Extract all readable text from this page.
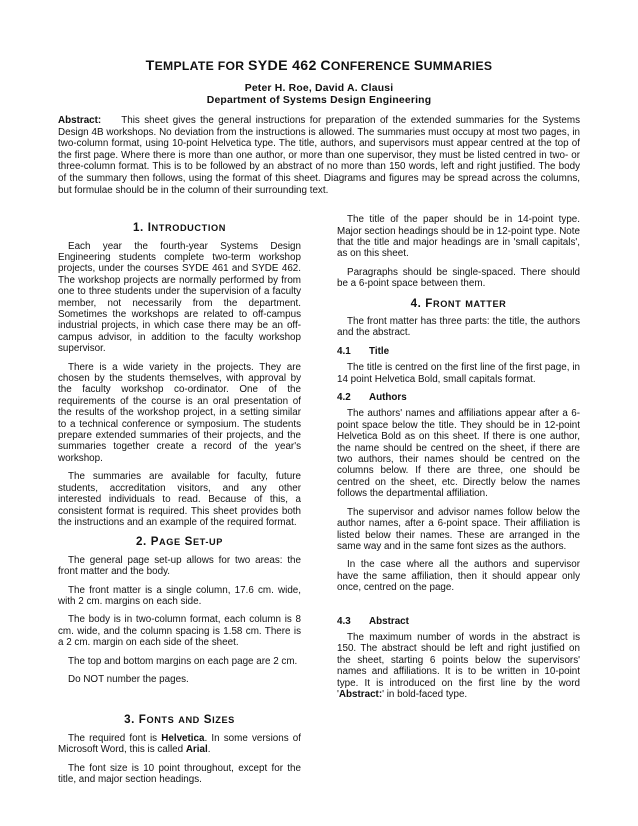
TEMPLATE FOR SYDE 462 CONFERENCE SUMMARIES
Peter H. Roe, David A. Clausi
Department of Systems Design Engineering
Abstract: This sheet gives the general instructions for preparation of the extended summaries for the Systems Design 4B workshops. No deviation from the instructions is allowed. The summaries must occupy at most two pages, in two-column format, using 10-point Helvetica type. The title, authors, and supervisors must appear centred at the top of the first page. Where there is more than one author, or more than one supervisor, they must be listed centred in two- or three-column format. This is to be followed by an abstract of no more than 150 words, left and right justified. The body of the summary then follows, using the format of this sheet. Diagrams and figures may be spread across the columns, but formulae should be in the column of their surrounding text.
1. INTRODUCTION

Each year the fourth-year Systems Design Engineering students complete two-term workshop projects, under the courses SYDE 461 and SYDE 462. The workshop projects are normally performed by from one to three students under the supervision of a faculty member, not necessarily from the department. Sometimes the workshops are related to off-campus industrial projects, in which case there may be an off-campus advisor, in addition to the faculty workshop supervisor.

There is a wide variety in the projects. They are chosen by the students themselves, with approval by the faculty workshop co-ordinator. One of the requirements of the course is an oral presentation of the results of the workshop project, in a setting similar to a technical conference or symposium. The students prepare extended summaries of their projects, and the summaries together create a record of the year's workshop.

The summaries are available for faculty, future students, accreditation visitors, and any other interested individuals to read. Because of this, a consistent format is required. This sheet provides both the instructions and an example of the required format.

2. PAGE SET-UP

The general page set-up allows for two areas: the front matter and the body.

The front matter is a single column, 17.6 cm. wide, with 2 cm. margins on each side.

The body is in two-column format, each column is 8 cm. wide, and the column spacing is 1.58 cm. There is a 2 cm. margin on each side of the sheet.

The top and bottom margins on each page are 2 cm.

Do NOT number the pages.

3. FONTS AND SIZES

The required font is Helvetica. In some versions of Microsoft Word, this is called Arial.

The font size is 10 point throughout, except for the title, and major section headings.

The title of the paper should be in 14-point type. Major section headings should be in 12-point type. Note that the title and major headings are in 'small capitals', as on this sheet.

Paragraphs should be single-spaced. There should be a 6-point space between them.

4. FRONT MATTER

The front matter has three parts: the title, the authors and the abstract.

4.1	Title

The title is centred on the first line of the first page, in 14 point Helvetica Bold, small capitals format.

4.2	Authors

The authors' names and affiliations appear after a 6-point space below the title. They should be in 12-point Helvetica Bold as on this sheet. If there is one author, the name should be centred on the sheet, if there are two authors, their names should be centred on the columns below. If there are three, one should be centred on the sheet, etc. Directly below the names follows the departmental affiliation.

The supervisor and advisor names follow below the author names, after a 6-point space. Their affiliation is listed below their names. These are arranged in the same way and in the same font sizes as the authors.

In the case where all the authors and supervisor have the same affiliation, then it should appear only once, centred on the page.

4.3	Abstract

The maximum number of words in the abstract is 150. The abstract should be left and right justified on the sheet, starting 6 points below the supervisors' names and affiliations. It is to be written in 10-point type. It is introduced on the first line by the word 'Abstract:' in bold-faced type.
